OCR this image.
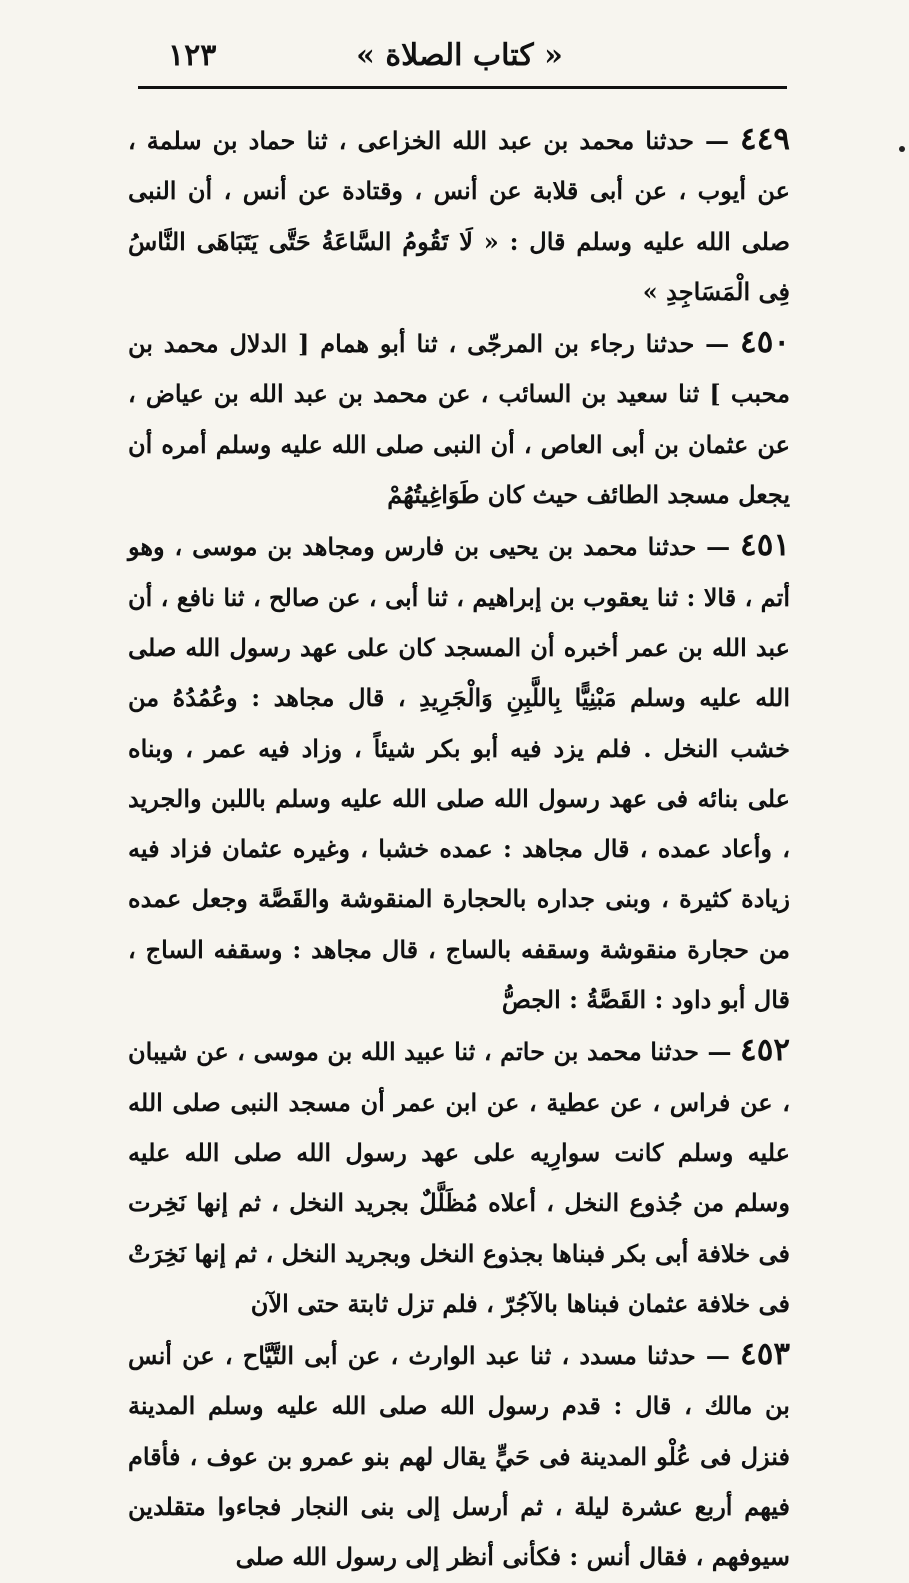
« كتاب الصلاة »
١٢٣

٤٤٩ — حدثنا محمد بن عبد الله الخزاعى ، ثنا حماد بن سلمة ، عن أيوب ، عن أبى قلابة عن أنس ، وقتادة عن أنس ، أن النبى صلى الله عليه وسلم قال : « لَا تَقُومُ السَّاعَةُ حَتَّى يَتَبَاهَى النَّاسُ فِى الْمَسَاجِدِ »

٤٥٠ — حدثنا رجاء بن المرجّى ، ثنا أبو همام [ الدلال محمد بن محبب ] ثنا سعيد بن السائب ، عن محمد بن عبد الله بن عياض ، عن عثمان بن أبى العاص ، أن النبى صلى الله عليه وسلم أمره أن يجعل مسجد الطائف حيث كان طَوَاغِيتُهُمْ

٤٥١ — حدثنا محمد بن يحيى بن فارس ومجاهد بن موسى ، وهو أتم ، قالا : ثنا يعقوب بن إبراهيم ، ثنا أبى ، عن صالح ، ثنا نافع ، أن عبد الله بن عمر أخبره أن المسجد كان على عهد رسول الله صلى الله عليه وسلم مَبْنِيًّا بِاللَّبِنِ وَالْجَرِيدِ ، قال مجاهد : وعُمُدُهُ من خشب النخل . فلم يزد فيه أبو بكر شيئاً ، وزاد فيه عمر ، وبناه على بنائه فى عهد رسول الله صلى الله عليه وسلم باللبن والجريد ، وأعاد عمده ، قال مجاهد : عمده خشبا ، وغيره عثمان فزاد فيه زيادة كثيرة ، وبنى جداره بالحجارة المنقوشة والقَصَّة وجعل عمده من حجارة منقوشة وسقفه بالساج ، قال مجاهد : وسقفه الساج ، قال أبو داود : القَصَّةُ : الجصُّ

٤٥٢ — حدثنا محمد بن حاتم ، ثنا عبيد الله بن موسى ، عن شيبان ، عن فراس ، عن عطية ، عن ابن عمر أن مسجد النبى صلى الله عليه وسلم كانت سوارِيه على عهد رسول الله صلى الله عليه وسلم من جُذوع النخل ، أعلاه مُظَلَّلٌ بجريد النخل ، ثم إنها نَخِرت فى خلافة أبى بكر فبناها بجذوع النخل وبجريد النخل ، ثم إنها نَخِرَتْ فى خلافة عثمان فبناها بالآجُرّ ، فلم تزل ثابتة حتى الآن

٤٥٣ — حدثنا مسدد ، ثنا عبد الوارث ، عن أبى التَّيَّاح ، عن أنس بن مالك ، قال : قدم رسول الله صلى الله عليه وسلم المدينة فنزل فى عُلْو المدينة فى حَيٍّ يقال لهم بنو عمرو بن عوف ، فأقام فيهم أربع عشرة ليلة ، ثم أرسل إلى بنى النجار فجاءوا متقلدين سيوفهم ، فقال أنس : فكأنى أنظر إلى رسول الله صلى
